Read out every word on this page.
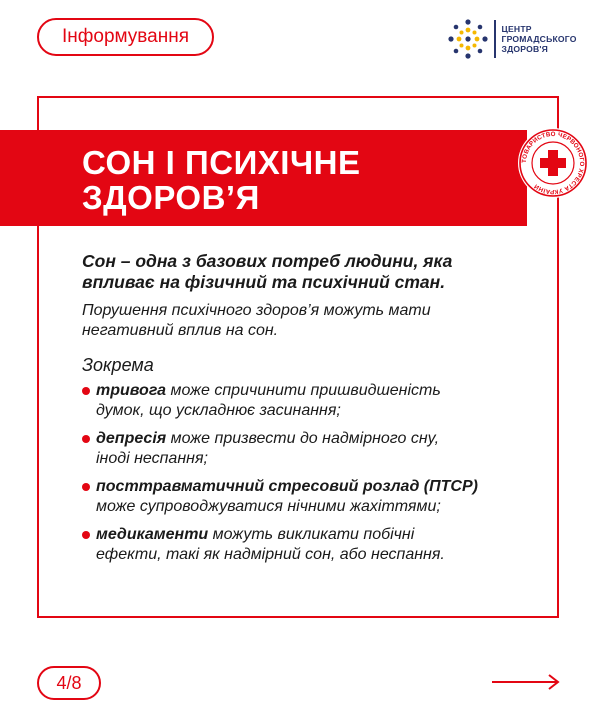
Інформування	ЦЕНТР
ГРОМАДСЬКОГО
ЗДОРОВ'Я
СОН І ПСИХІЧНЕ
ЗДОРОВ’Я
ТОВАРИСТВО ЧЕРВОНОГО ХРЕСТА УКРАЇНИ

Сон – одна з базових потреб людини, яка
впливає на фізичний та психічний стан.

Порушення психічного здоров’я можуть мати
негативний вплив на сон.

Зокрема
тривога може спричинити пришвидшеність
думок, що ускладнює засинання;
депресія може призвести до надмірного сну,
іноді неспання;
посттравматичний стресовий розлад (ПТСР)
може супроводжуватися нічними жахіттями;
медикаменти можуть викликати побічні
ефекти, такі як надмірний сон, або неспання.
4/8
